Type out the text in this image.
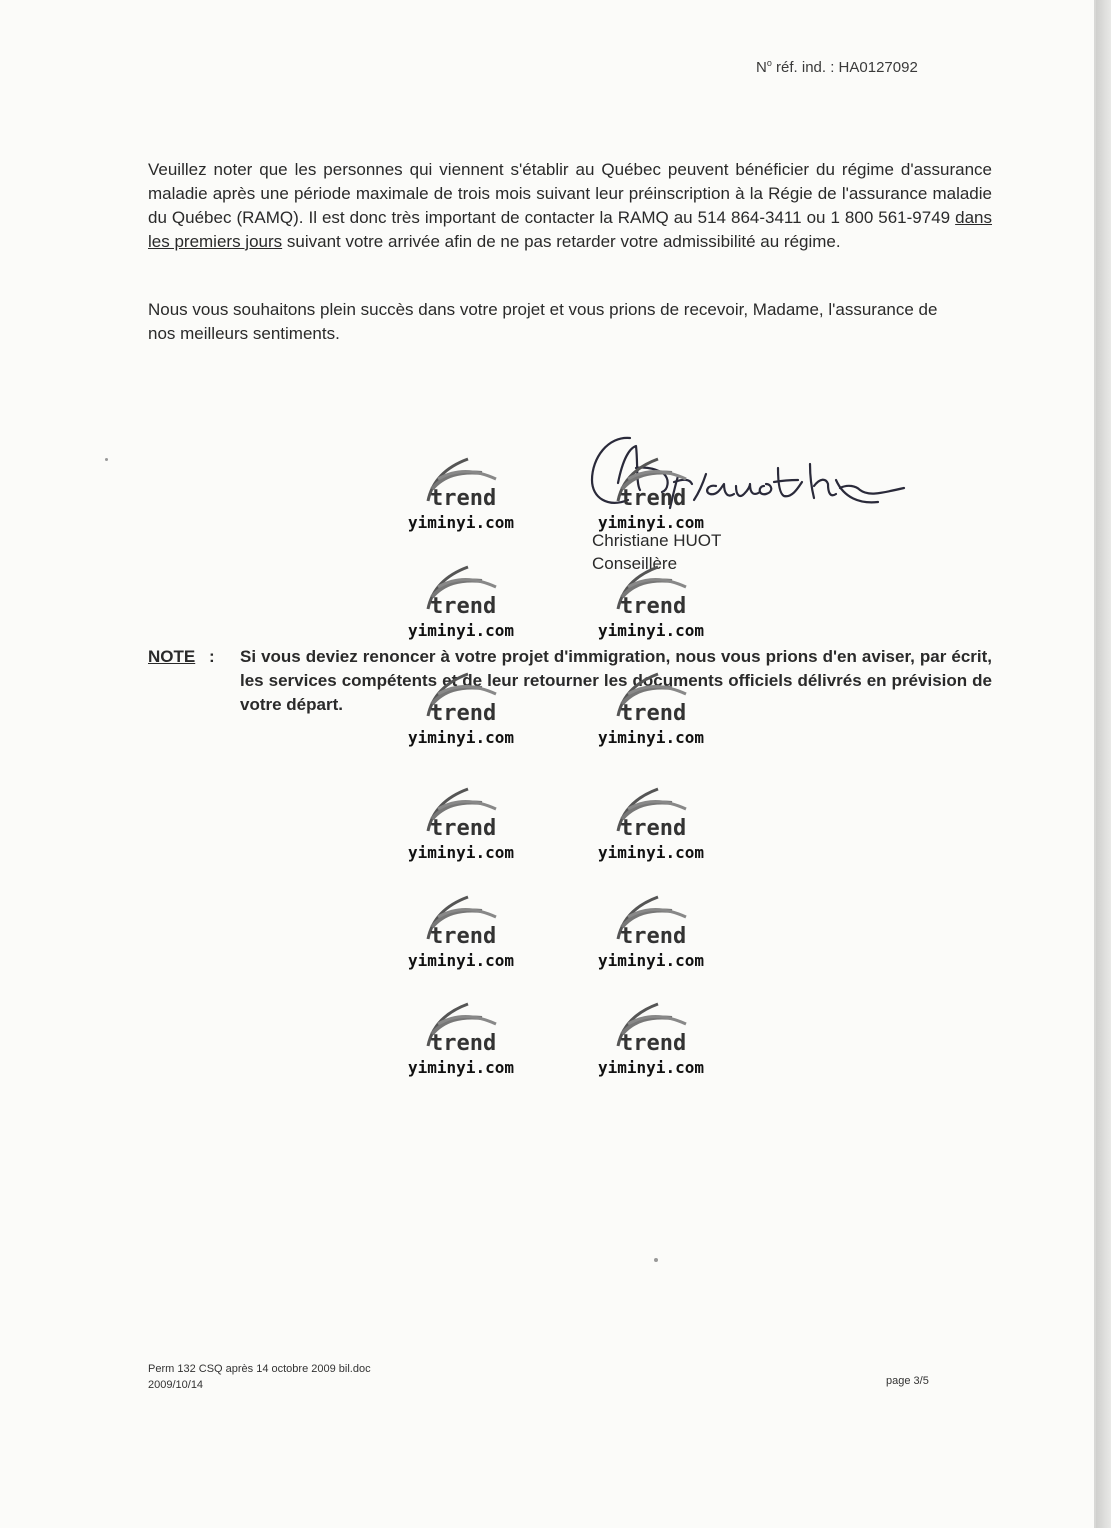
$N^o$ réf. ind. : HA0127092

Veuillez noter que les personnes qui viennent s'établir au Québec peuvent bénéficier du régime d'assurance maladie après une période maximale de trois mois suivant leur préinscription à la Régie de l'assurance maladie du Québec (RAMQ). Il est donc très important de contacter la RAMQ au 514 864-3411 ou 1 800 561-9749 dans les premiers jours suivant votre arrivée afin de ne pas retarder votre admissibilité au régime.

Nous vous souhaitons plein succès dans votre projet et vous prions de recevoir, Madame, l'assurance de nos meilleurs sentiments.

Christiane HUOT
Conseillère
NOTE : Si vous deviez renoncer à votre projet d'immigration, nous vous prions d'en aviser, par écrit, les services compétents et de leur retourner les documents officiels délivrés en prévision de votre départ.

trend
yiminyi.com
trend
yiminyi.com
trend
yiminyi.com
trend
yiminyi.com
trend
yiminyi.com
trend
yiminyi.com
trend
yiminyi.com
trend
yiminyi.com
trend
yiminyi.com
trend
yiminyi.com
trend
yiminyi.com
trend
yiminyi.com
Perm 132 CSQ après 14 octobre 2009 bil.doc
2009/10/14	page 3/5
